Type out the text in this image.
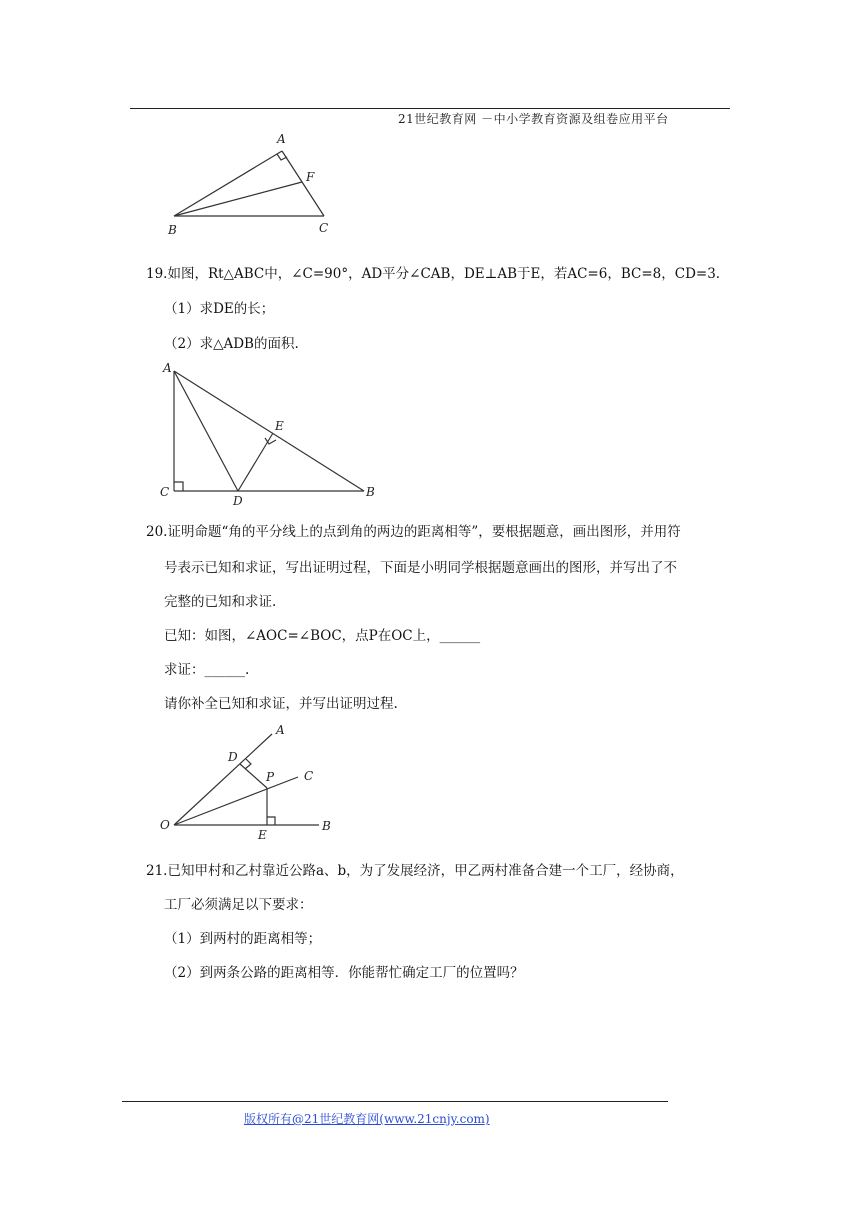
21世纪教育网 －中小学教育资源及组卷应用平台
A
F
B	C
19.如图，Rt△ABC中，∠C=90°，AD平分∠CAB，DE⊥AB于E，若AC=6，BC=8，CD=3.
（1）求DE的长；
（2）求△ADB的面积.
A
E
C
D
B
20.证明命题“角的平分线上的点到角的两边的距离相等”，要根据题意，画出图形，并用符
号表示已知和求证，写出证明过程，下面是小明同学根据题意画出的图形，并写出了不
完整的已知和求证.
已知：如图，∠AOC=∠BOC，点P在OC上，______
求证：______.
请你补全已知和求证，并写出证明过程.
A
D
P C
O
E
B
21.已知甲村和乙村靠近公路a、b，为了发展经济，甲乙两村准备合建一个工厂，经协商，
工厂必须满足以下要求：
（1）到两村的距离相等；
（2）到两条公路的距离相等．你能帮忙确定工厂的位置吗？
版权所有@21世纪教育网(www.21cnjy.com)
